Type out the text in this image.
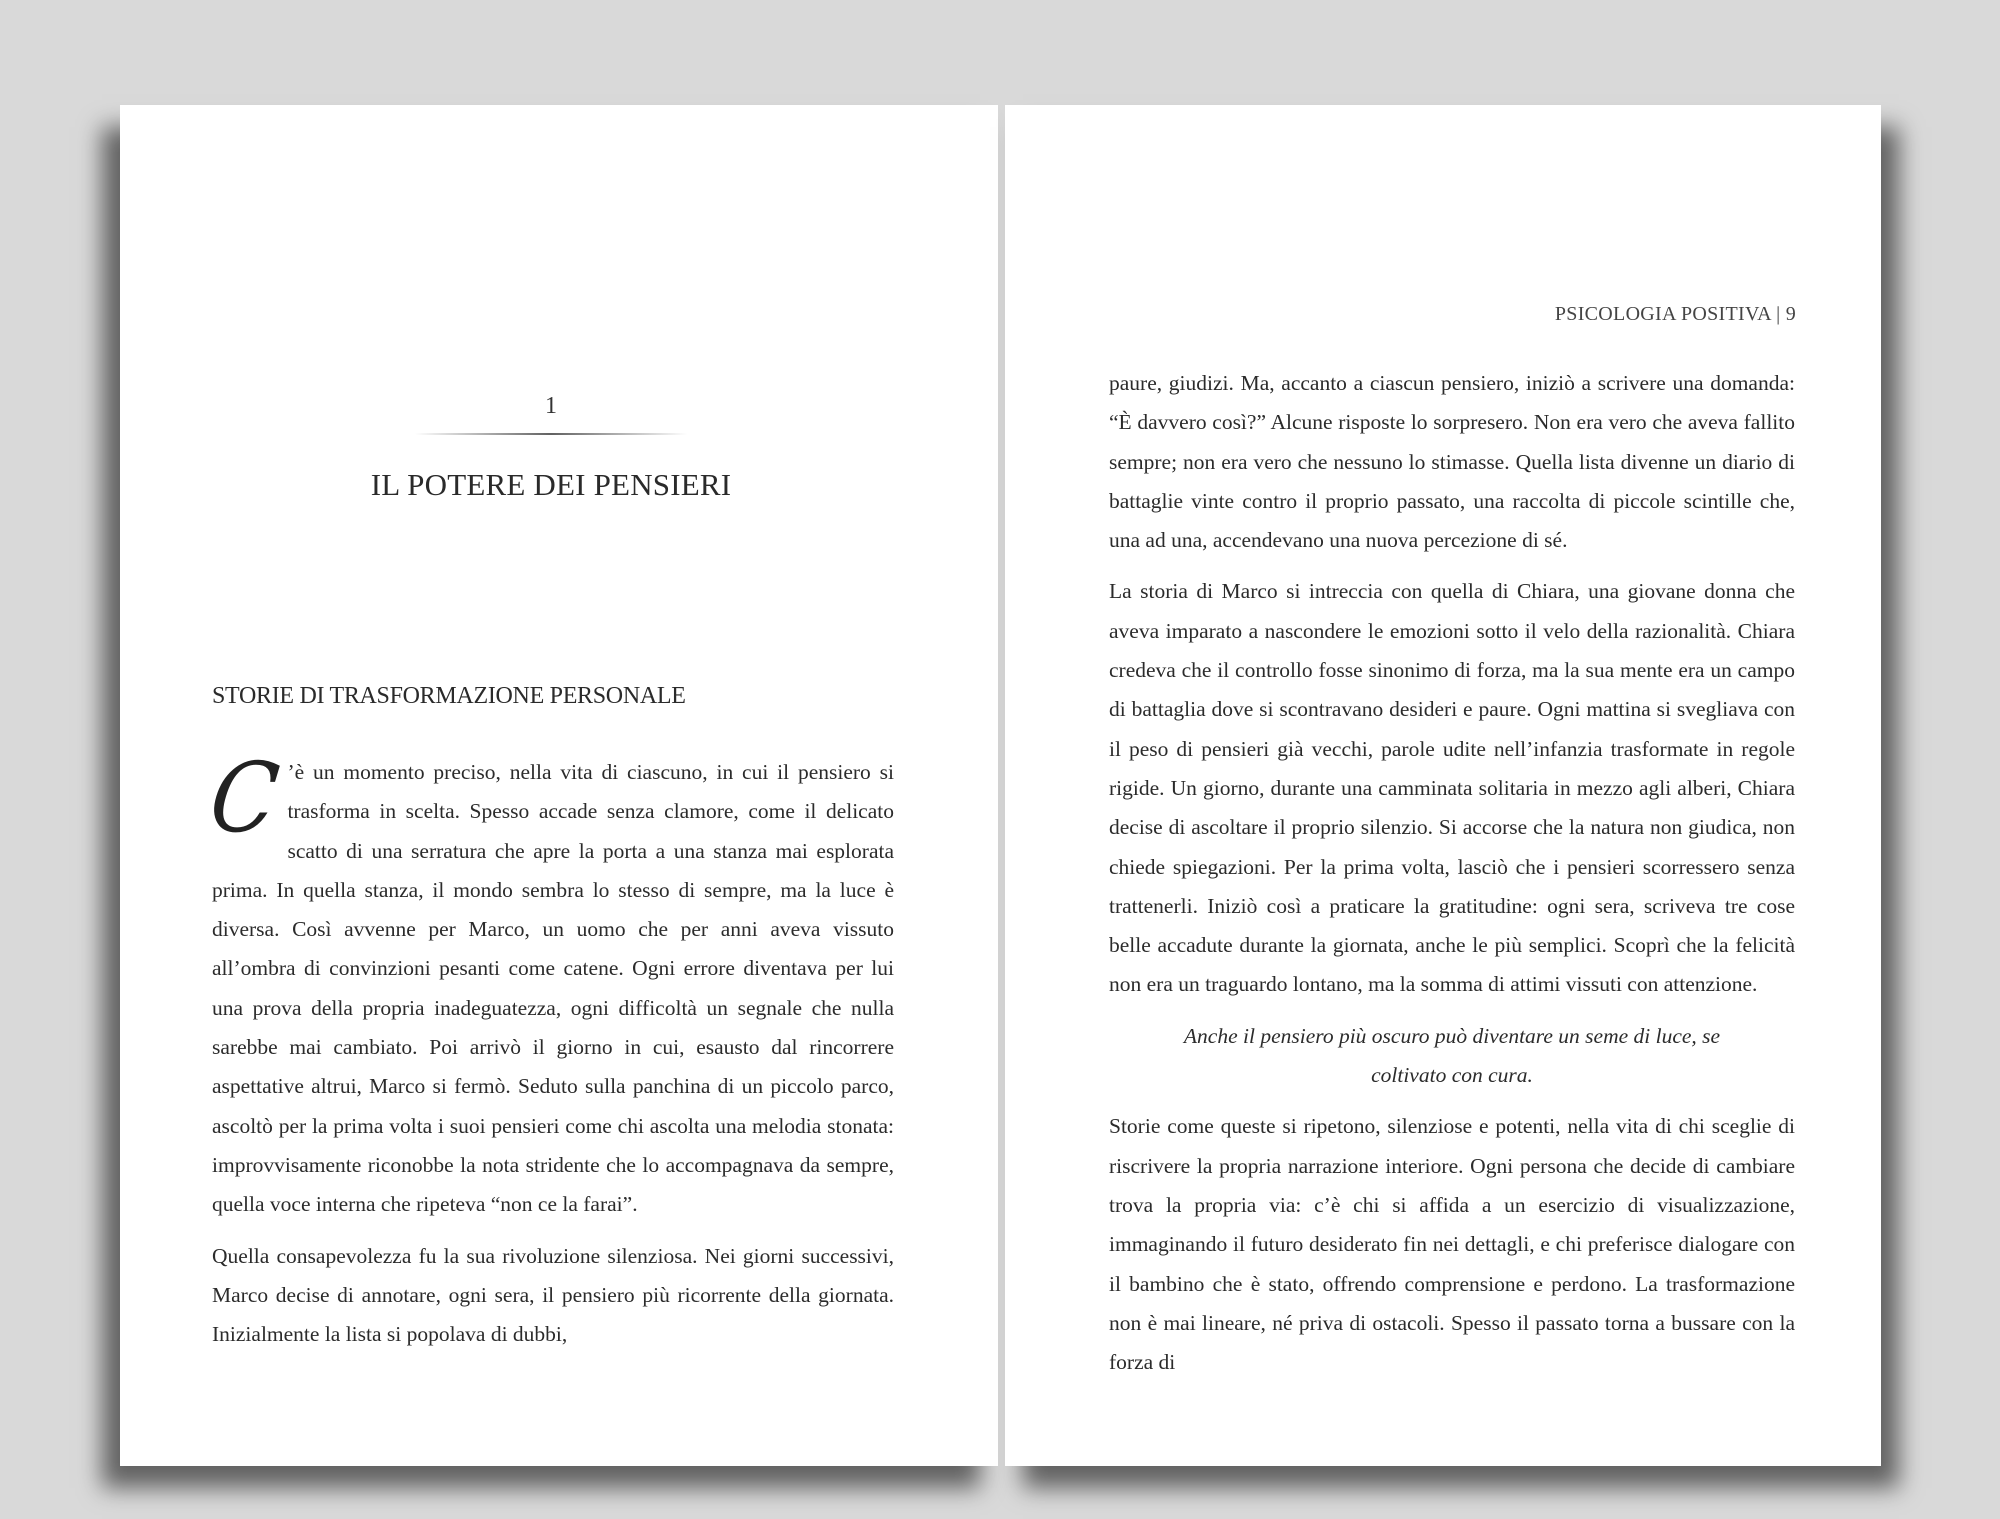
1
IL POTERE DEI PENSIERI
STORIE DI TRASFORMAZIONE PERSONALE

C ’è un momento preciso, nella vita di ciascuno, in cui il pensiero si trasforma in scelta. Spesso accade senza clamore, come il delicato scatto di una serratura che apre la porta a una stanza mai esplorata prima. In quella stanza, il mondo sembra lo stesso di sempre, ma la luce è diversa. Così avvenne per Marco, un uomo che per anni aveva vissuto all’ombra di convinzioni pesanti come catene. Ogni errore diventava per lui una prova della propria inadeguatezza, ogni difficoltà un segnale che nulla sarebbe mai cambiato. Poi arrivò il giorno in cui, esausto dal rincorrere aspettative altrui, Marco si fermò. Seduto sulla panchina di un piccolo parco, ascoltò per la prima volta i suoi pensieri come chi ascolta una melodia stonata: improvvisamente riconobbe la nota stridente che lo accompagnava da sempre, quella voce interna che ripeteva “non ce la farai”.

Quella consapevolezza fu la sua rivoluzione silenziosa. Nei giorni successivi, Marco decise di annotare, ogni sera, il pensiero più ricorrente della giornata. Inizialmente la lista si popolava di dubbi,

PSICOLOGIA POSITIVA | 9

paure, giudizi. Ma, accanto a ciascun pensiero, iniziò a scrivere una domanda: “È davvero così?” Alcune risposte lo sorpresero. Non era vero che aveva fallito sempre; non era vero che nessuno lo stimasse. Quella lista divenne un diario di battaglie vinte contro il proprio passato, una raccolta di piccole scintille che, una ad una, accendevano una nuova percezione di sé.

La storia di Marco si intreccia con quella di Chiara, una giovane donna che aveva imparato a nascondere le emozioni sotto il velo della razionalità. Chiara credeva che il controllo fosse sinonimo di forza, ma la sua mente era un campo di battaglia dove si scontravano desideri e paure. Ogni mattina si svegliava con il peso di pensieri già vecchi, parole udite nell’infanzia trasformate in regole rigide. Un giorno, durante una camminata solitaria in mezzo agli alberi, Chiara decise di ascoltare il proprio silenzio. Si accorse che la natura non giudica, non chiede spiegazioni. Per la prima volta, lasciò che i pensieri scorressero senza trattenerli. Iniziò così a praticare la gratitudine: ogni sera, scriveva tre cose belle accadute durante la giornata, anche le più semplici. Scoprì che la felicità non era un traguardo lontano, ma la somma di attimi vissuti con attenzione.

Anche il pensiero più oscuro può diventare un seme di luce, se coltivato con cura.

Storie come queste si ripetono, silenziose e potenti, nella vita di chi sceglie di riscrivere la propria narrazione interiore. Ogni persona che decide di cambiare trova la propria via: c’è chi si affida a un esercizio di visualizzazione, immaginando il futuro desiderato fin nei dettagli, e chi preferisce dialogare con il bambino che è stato, offrendo comprensione e perdono. La trasformazione non è mai lineare, né priva di ostacoli. Spesso il passato torna a bussare con la forza di
